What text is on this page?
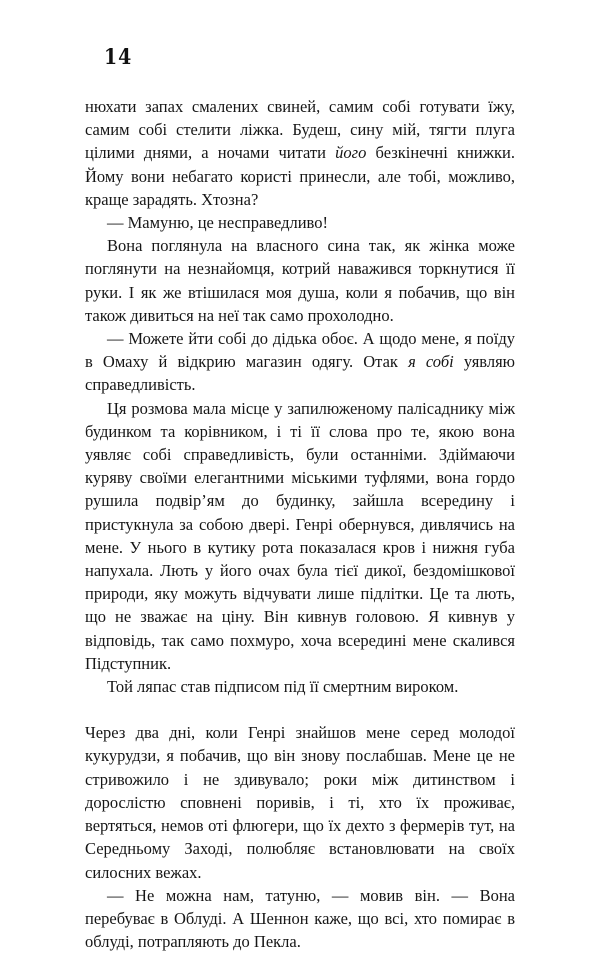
14

нюхати запах смалених свиней, самим собі готувати їжу, самим собі стелити ліжка. Будеш, сину мій, тягти плуга цілими днями, а ночами читати його безкінечні книжки. Йому вони небагато користі принесли, але тобі, можливо, краще зарадять. Хтозна?

— Мамуню, це несправедливо!

Вона поглянула на власного сина так, як жінка може поглянути на незнайомця, котрий наважився торкнутися її руки. І як же втішилася моя душа, коли я побачив, що він також дивиться на неї так само прохолодно.

— Можете йти собі до дідька обоє. А щодо мене, я поїду в Омаху й відкрию магазин одягу. Отак я собі уявляю справедливість.

Ця розмова мала місце у запилюженому палісаднику між будинком та корівником, і ті її слова про те, якою вона уявляє собі справедливість, були останніми. Здіймаючи куряву своїми елегантними міськими туфлями, вона гордо рушила подвір’ям до будинку, зайшла всередину і пристукнула за собою двері. Генрі обернувся, дивлячись на мене. У нього в кутику рота показалася кров і нижня губа напухала. Лють у його очах була тієї дикої, бездомішкової природи, яку можуть відчувати лише підлітки. Це та лють, що не зважає на ціну. Він кивнув головою. Я кивнув у відповідь, так само похмуро, хоча всередині мене скалився Підступник.

Той ляпас став підписом під її смертним вироком.

Через два дні, коли Генрі знайшов мене серед молодої кукурудзи, я побачив, що він знову послабшав. Мене це не стривожило і не здивувало; роки між дитинством і дорослістю сповнені поривів, і ті, хто їх проживає, вертяться, немов оті флюгери, що їх дехто з фермерів тут, на Середньому Заході, полюбляє встановлювати на своїх силосних вежах.

— Не можна нам, татуню, — мовив він. — Вона перебуває в Облуді. А Шеннон каже, що всі, хто помирає в облуді, потрапляють до Пекла.
